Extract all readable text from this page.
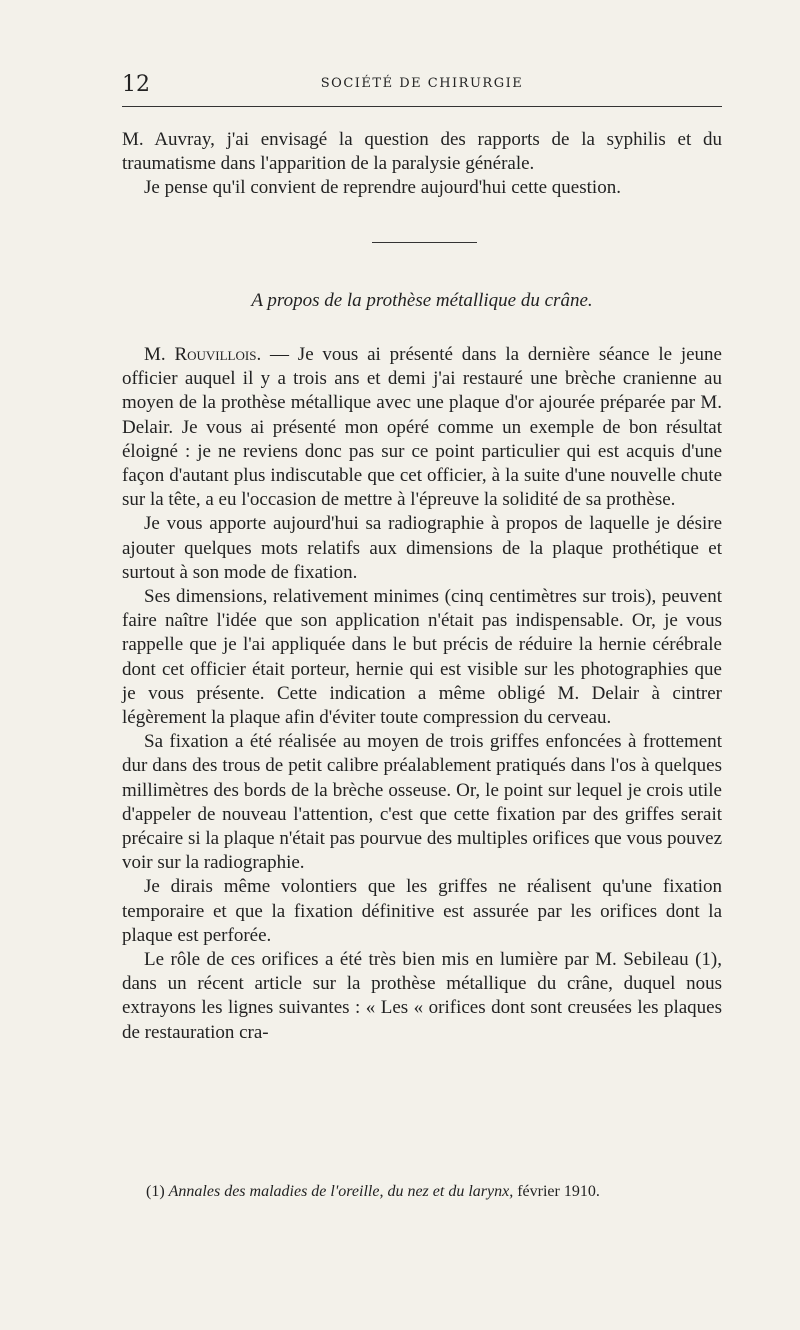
12	SOCIÉTÉ DE CHIRURGIE

M. Auvray, j'ai envisagé la question des rapports de la syphilis et du traumatisme dans l'apparition de la paralysie générale.

Je pense qu'il convient de reprendre aujourd'hui cette question.

A propos de la prothèse métallique du crâne.

M. Rouvillois. — Je vous ai présenté dans la dernière séance le jeune officier auquel il y a trois ans et demi j'ai restauré une brèche cranienne au moyen de la prothèse métallique avec une plaque d'or ajourée préparée par M. Delair. Je vous ai présenté mon opéré comme un exemple de bon résultat éloigné : je ne reviens donc pas sur ce point particulier qui est acquis d'une façon d'autant plus indiscutable que cet officier, à la suite d'une nouvelle chute sur la tête, a eu l'occasion de mettre à l'épreuve la solidité de sa prothèse.

Je vous apporte aujourd'hui sa radiographie à propos de laquelle je désire ajouter quelques mots relatifs aux dimensions de la plaque prothétique et surtout à son mode de fixation.

Ses dimensions, relativement minimes (cinq centimètres sur trois), peuvent faire naître l'idée que son application n'était pas indispensable. Or, je vous rappelle que je l'ai appliquée dans le but précis de réduire la hernie cérébrale dont cet officier était porteur, hernie qui est visible sur les photographies que je vous présente. Cette indication a même obligé M. Delair à cintrer légèrement la plaque afin d'éviter toute compression du cerveau.

Sa fixation a été réalisée au moyen de trois griffes enfoncées à frottement dur dans des trous de petit calibre préalablement pratiqués dans l'os à quelques millimètres des bords de la brèche osseuse. Or, le point sur lequel je crois utile d'appeler de nouveau l'attention, c'est que cette fixation par des griffes serait précaire si la plaque n'était pas pourvue des multiples orifices que vous pouvez voir sur la radiographie.

Je dirais même volontiers que les griffes ne réalisent qu'une fixation temporaire et que la fixation définitive est assurée par les orifices dont la plaque est perforée.

Le rôle de ces orifices a été très bien mis en lumière par M. Sebileau (1), dans un récent article sur la prothèse métallique du crâne, duquel nous extrayons les lignes suivantes : « Les « orifices dont sont creusées les plaques de restauration cra-

(1) Annales des maladies de l'oreille, du nez et du larynx, février 1910.
